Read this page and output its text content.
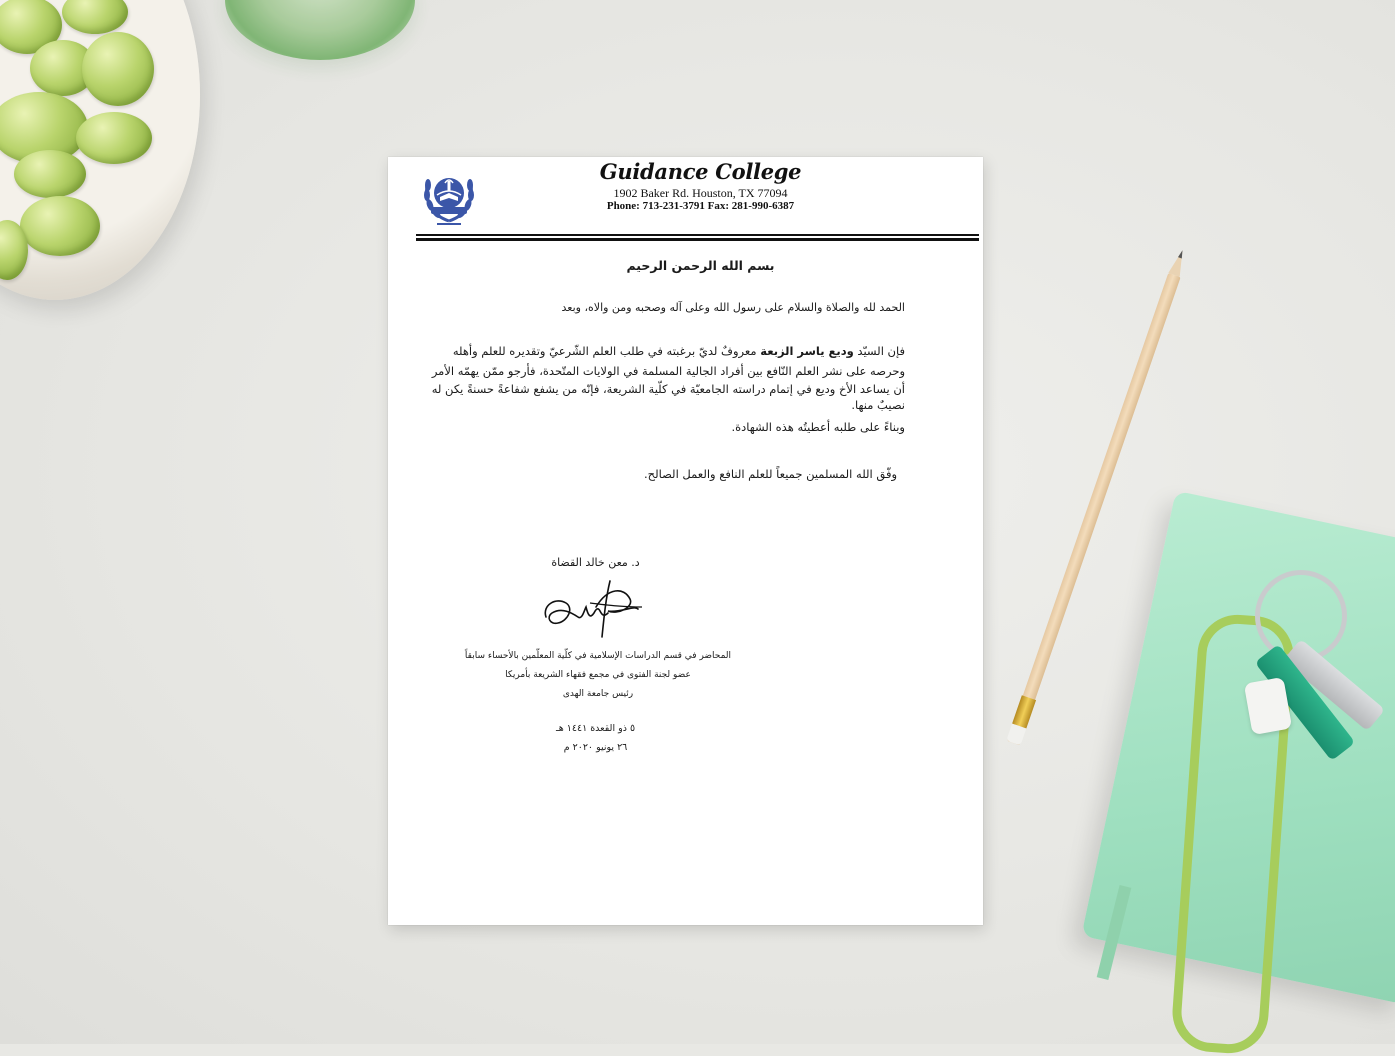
Guidance College
1902 Baker Rd. Houston, TX 77094
Phone: 713-231-3791 Fax: 281-990-6387
بسم الله الرحمن الرحيم
الحمد لله والصلاة والسلام على رسول الله وعلى آله وصحبه ومن والاه، وبعد
فإن السيّد وديع ياسر الزبعة معروفٌ لديّ برغبته في طلب العلم الشّرعيّ وتقديره للعلم وأهله
وحرصه على نشر العلم النّافع بين أفراد الجالية المسلمة في الولايات المتّحدة، فأرجو ممّن يهمّه الأمر
أن يساعد الأخ وديع في إتمام دراسته الجامعيّة في كلّية الشريعة، فإنّه من يشفع شفاعةً حسنةً يكن له
نصيبٌ منها.
وبناءً على طلبه أعطيتُه هذه الشهادة.
وفّق الله المسلمين جميعاً للعلم النافع والعمل الصالح.
د. معن خالد القضاة
المحاضر في قسم الدراسات الإسلامية في كلّية المعلّمين بالأحساء سابقاً
عضو لجنة الفتوى في مجمع فقهاء الشريعة بأمريكا
رئيس جامعة الهدى
٥ ذو القعدة ١٤٤١ هـ
٢٦ يونيو ٢٠٢٠ م
